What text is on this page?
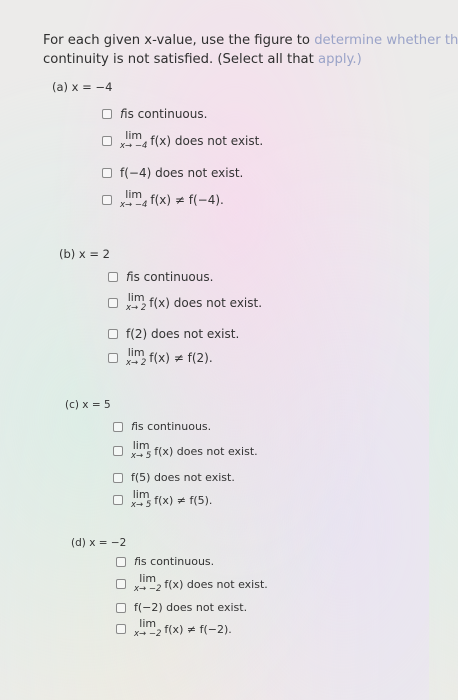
For each given x-value, use the figure to determine whether th
continuity is not satisfied. (Select all that apply.)
(a) x = −4
f is continuous.
lim
x→ −4 f(x) does not exist.
f(−4) does not exist.
lim
x→ −4 f(x) ≠ f(−4).
(b) x = 2
f is continuous.
lim
x→ 2 f(x) does not exist.
f(2) does not exist.
lim
x→ 2 f(x) ≠ f(2).
(c) x = 5
f is continuous.
lim
x→ 5 f(x) does not exist.
f(5) does not exist.
lim
x→ 5 f(x) ≠ f(5).
(d) x = −2
f is continuous.
lim
x→ −2 f(x) does not exist.
f(−2) does not exist.
lim
x→ −2 f(x) ≠ f(−2).
